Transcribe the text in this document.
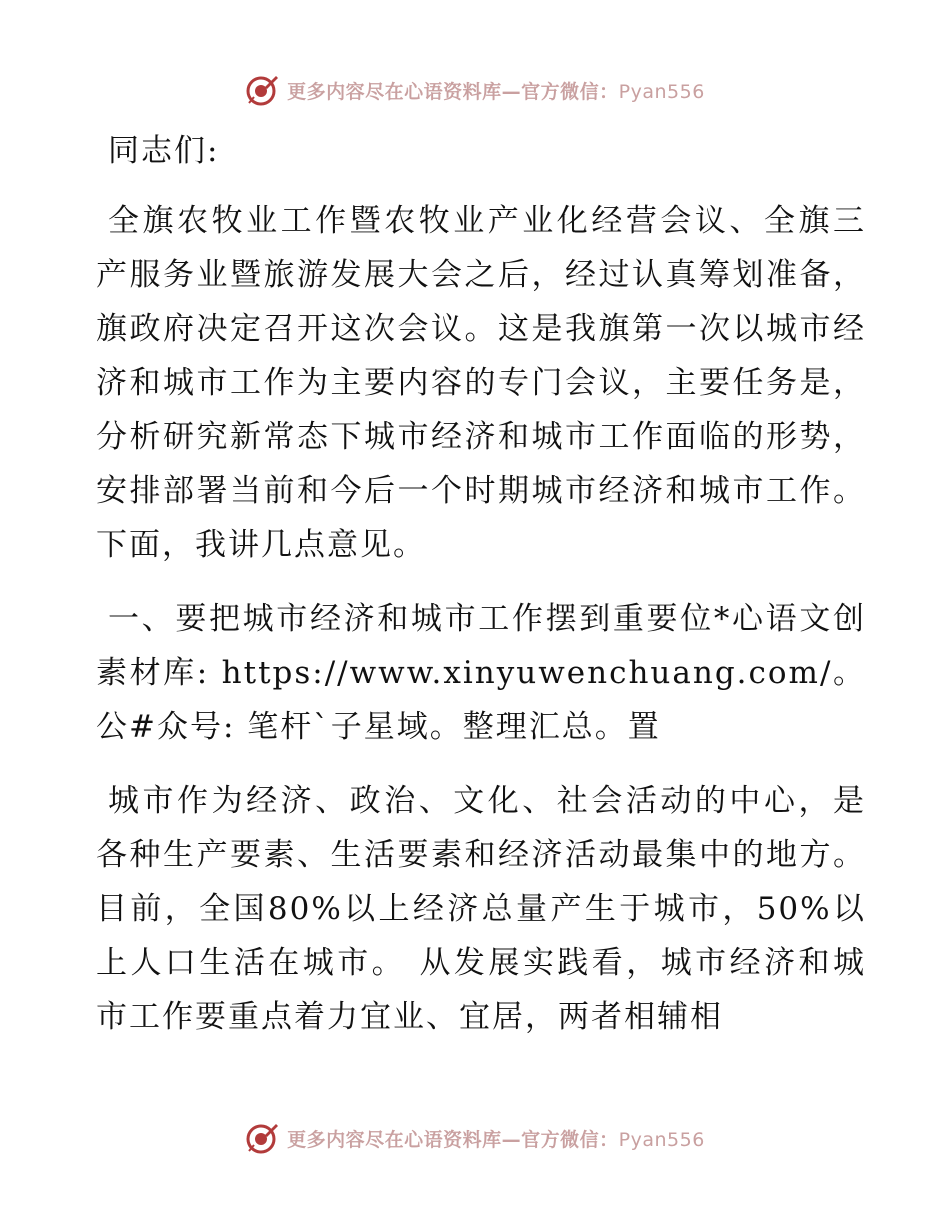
更多内容尽在心语资料库—官方微信：Pyan556

同志们:

全旗农牧业工作暨农牧业产业化经营会议、全旗三产服务业暨旅游发展大会之后，经过认真筹划准备，旗政府决定召开这次会议。这是我旗第一次以城市经济和城市工作为主要内容的专门会议，主要任务是，分析研究新常态下城市经济和城市工作面临的形势，安排部署当前和今后一个时期城市经济和城市工作。下面，我讲几点意见。

一、要把城市经济和城市工作摆到重要位*心语文创素材库: https://www.xinyuwenchuang.com/。公#众号: 笔杆`子星域。整理汇总。置

城市作为经济、政治、文化、社会活动的中心，是各种生产要素、生活要素和经济活动最集中的地方。目前，全国80%以上经济总量产生于城市，50%以上人口生活在城市。 从发展实践看，城市经济和城市工作要重点着力宜业、宜居，两者相辅相

更多内容尽在心语资料库—官方微信：Pyan556
